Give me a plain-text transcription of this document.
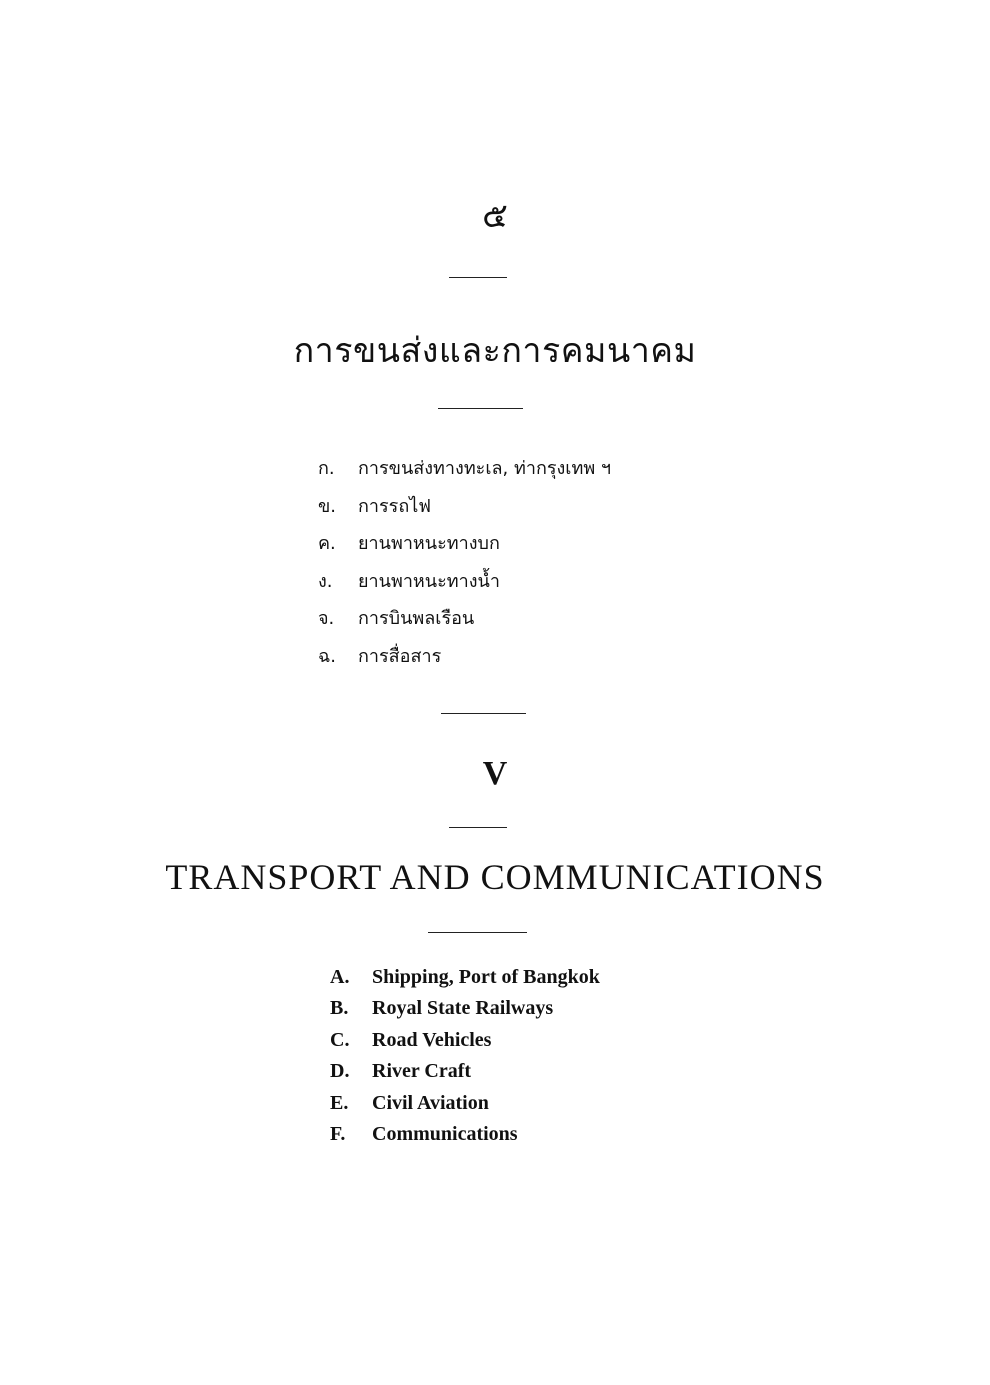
๕
การขนส่งและการคมนาคม
ก. การขนส่งทางทะเล, ท่ากรุงเทพ ฯ
ข. การรถไฟ
ค. ยานพาหนะทางบก
ง. ยานพาหนะทางน้ำ
จ. การบินพลเรือน
ฉ. การสื่อสาร
V
TRANSPORT AND COMMUNICATIONS
A. Shipping, Port of Bangkok
B. Royal State Railways
C. Road Vehicles
D. River Craft
E. Civil Aviation
F. Communications
